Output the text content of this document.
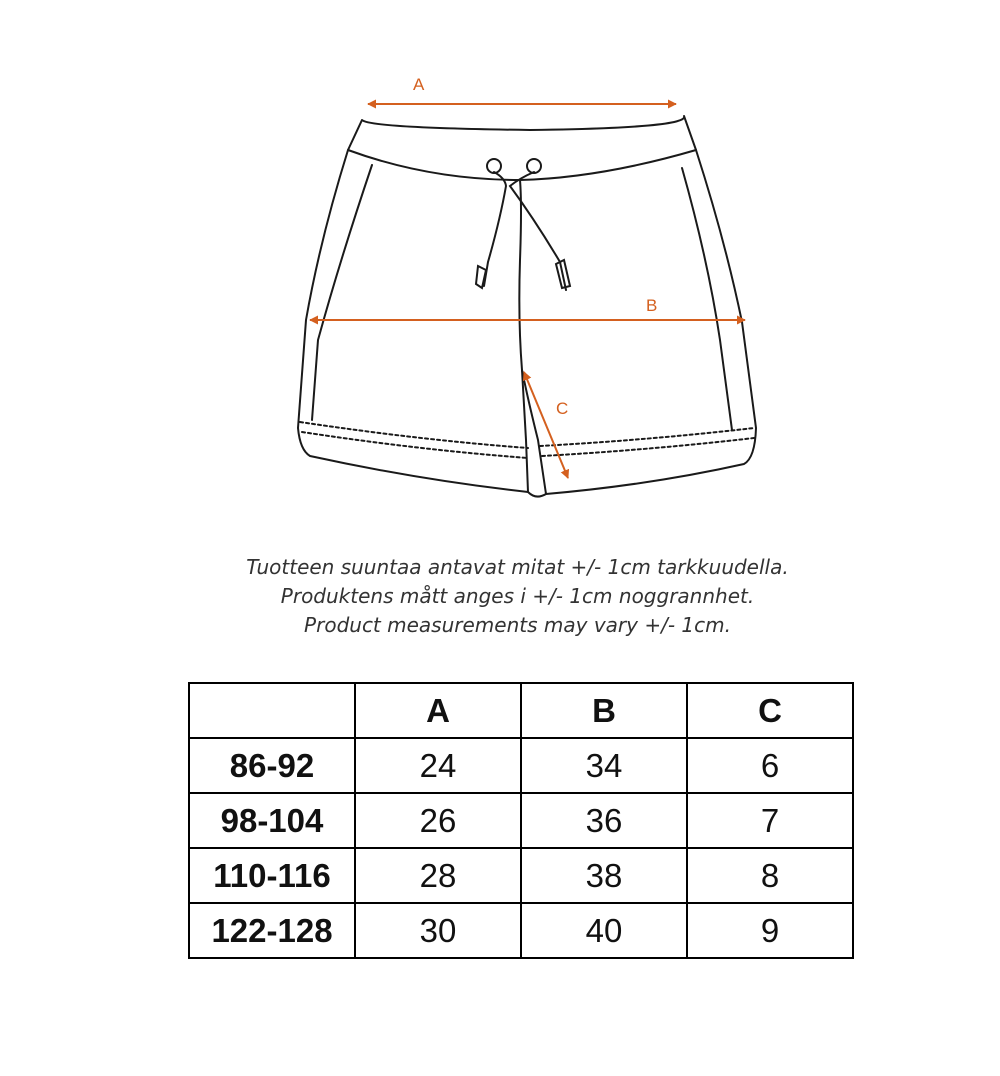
A
B
C
Tuotteen suuntaa antavat mitat +/- 1cm tarkkuudella.
Produktens mått anges i +/- 1cm noggrannhet.
Product measurements may vary +/- 1cm.
	A	B	C
86-92	24	34	6
98-104	26	36	7
110-116	28	38	8
122-128	30	40	9
